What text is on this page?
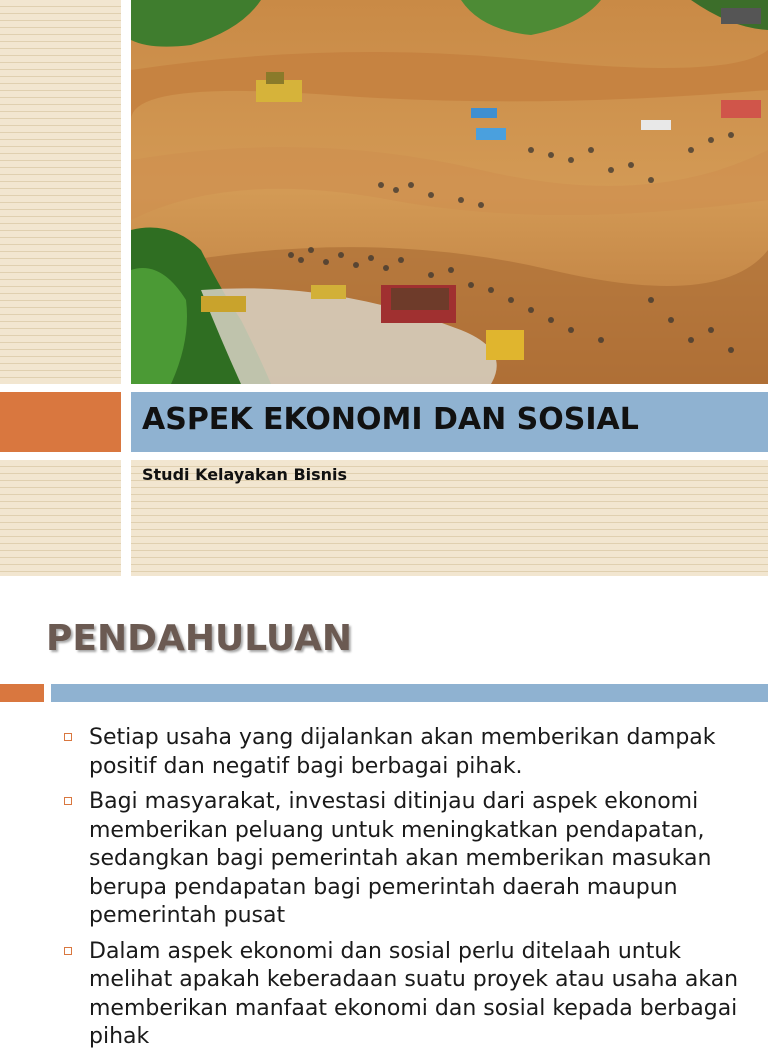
ASPEK EKONOMI DAN SOSIAL
Studi Kelayakan Bisnis
PENDAHULUAN
Setiap usaha yang dijalankan akan memberikan dampak positif dan negatif bagi berbagai pihak.
Bagi masyarakat, investasi ditinjau dari aspek ekonomi memberikan peluang untuk meningkatkan pendapatan, sedangkan bagi pemerintah akan memberikan masukan berupa pendapatan bagi pemerintah daerah maupun pemerintah pusat
Dalam aspek ekonomi dan sosial perlu ditelaah untuk melihat apakah keberadaan suatu proyek atau usaha akan memberikan manfaat ekonomi dan sosial kepada berbagai pihak
